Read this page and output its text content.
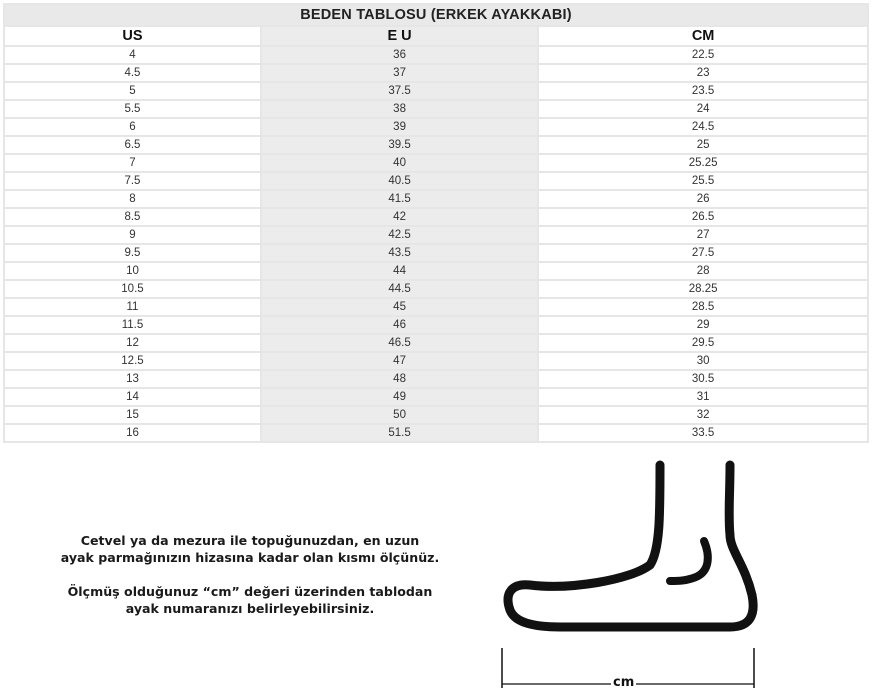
BEDEN TABLOSU (ERKEK AYAKKABI)		
US	E U	CM
4	36	22.5
4.5	37	23
5	37.5	23.5
5.5	38	24
6	39	24.5
6.5	39.5	25
7	40	25.25
7.5	40.5	25.5
8	41.5	26
8.5	42	26.5
9	42.5	27
9.5	43.5	27.5
10	44	28
10.5	44.5	28.25
11	45	28.5
11.5	46	29
12	46.5	29.5
12.5	47	30
13	48	30.5
14	49	31
15	50	32
16	51.5	33.5

Cetvel ya da mezura ile topuğunuzdan, en uzun
ayak parmağınızın hizasına kadar olan kısmı ölçünüz.

Ölçmüş olduğunuz “cm” değeri üzerinden tablodan
ayak numaranızı belirleyebilirsiniz.

cm
